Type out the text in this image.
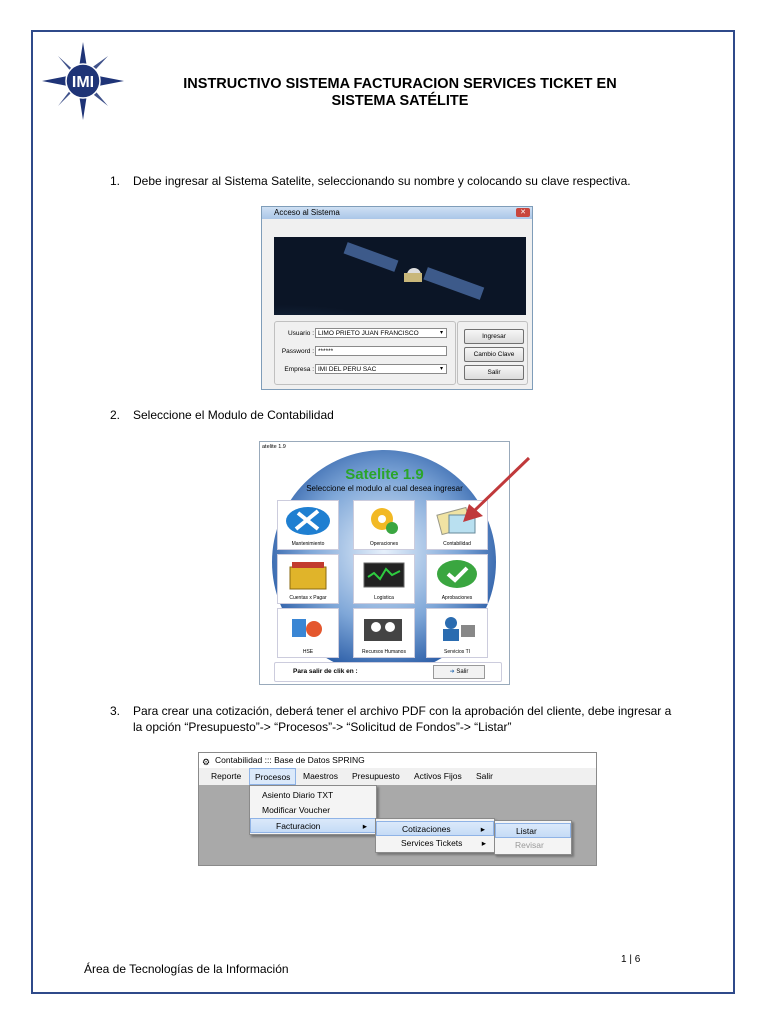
IMI	INSTRUCTIVO SISTEMA FACTURACION SERVICES TICKET EN
SISTEMA SATÉLITE
1. Debe ingresar al Sistema Satelite, seleccionando su nombre y colocando su clave respectiva.
Acceso al Sistema	✕
Usuario : LIMO PRIETO JUAN FRANCISCO	▾
Password : ******
Empresa : IMI DEL PERU SAC	▾
Ingresar
Cambio Clave
Salir
2. Seleccione el Modulo de Contabilidad
atelite 1.9
Satelite 1.9
Seleccione el modulo al cual desea ingresar
Mantenimiento	Operaciones	Contabilidad
Cuentas x Pagar	Logistica	Aprobaciones
HSE	Recursos Humanos	Servicios TI
Para salir de clik en :	➜ Salir
3. Para crear una cotización, deberá tener el archivo PDF con la aprobación del cliente, debe ingresar a la opción “Presupuesto”-> “Procesos”-> “Solicitud de Fondos”-> “Listar”
⚙ Contabilidad ::: Base de Datos SPRING
Reporte	Procesos	Maestros Presupuesto Activos Fijos Salir
Asiento Diario TXT
Modificar Voucher
Facturacion	▸	Cotizaciones	▸
Services Tickets ▸
Listar
Revisar
Área de Tecnologías de la Información
1 | 6
